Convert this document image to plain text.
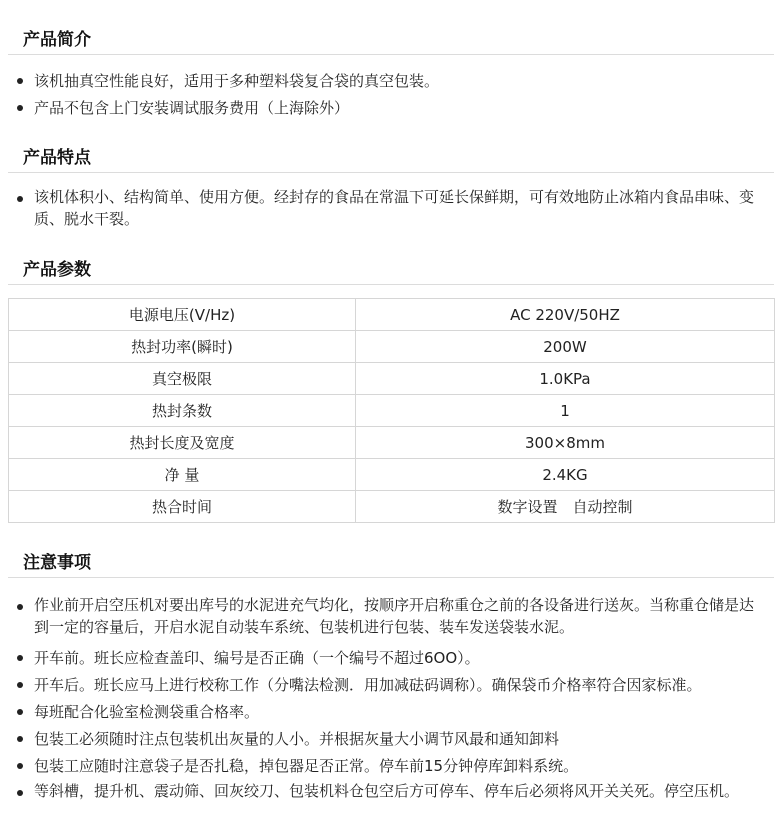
产品简介
该机抽真空性能良好，适用于多种塑料袋复合袋的真空包装。
产品不包含上门安装调试服务费用（上海除外）
产品特点
该机体积小、结构简单、使用方便。经封存的食品在常温下可延长保鲜期，可有效地防止冰箱内食品串味、变质、脱水干裂。
产品参数
电源电压(V/Hz)	AC 220V/50HZ
热封功率(瞬时)	200W
真空极限	1.0KPa
热封条数	1
热封长度及宽度	300×8mm
净 量	2.4KG
热合时间	数字设置　自动控制
注意事项
作业前开启空压机对要出库号的水泥进充气均化，按顺序开启称重仓之前的各设备进行送灰。当称重仓储是达到一定的容量后，开启水泥自动装车系统、包装机进行包装、装车发送袋装水泥。
开车前。班长应检查盖印、编号是否正确（一个编号不超过6OO）。
开车后。班长应马上进行校称工作（分嘴法检测．用加减砝码调称）。确保袋币介格率符合因家标准。
每班配合化验室检测袋重合格率。
包装工必须随时注点包装机出灰量的人小。并根据灰量大小调节风最和通知卸料
包装工应随时注意袋子是否扎稳，掉包器足否正常。停车前15分钟停库卸料系统。
等斜槽，提升机、震动筛、回灰绞刀、包装机料仓包空后方可停车、停车后必须将风开关关死。停空压机。
